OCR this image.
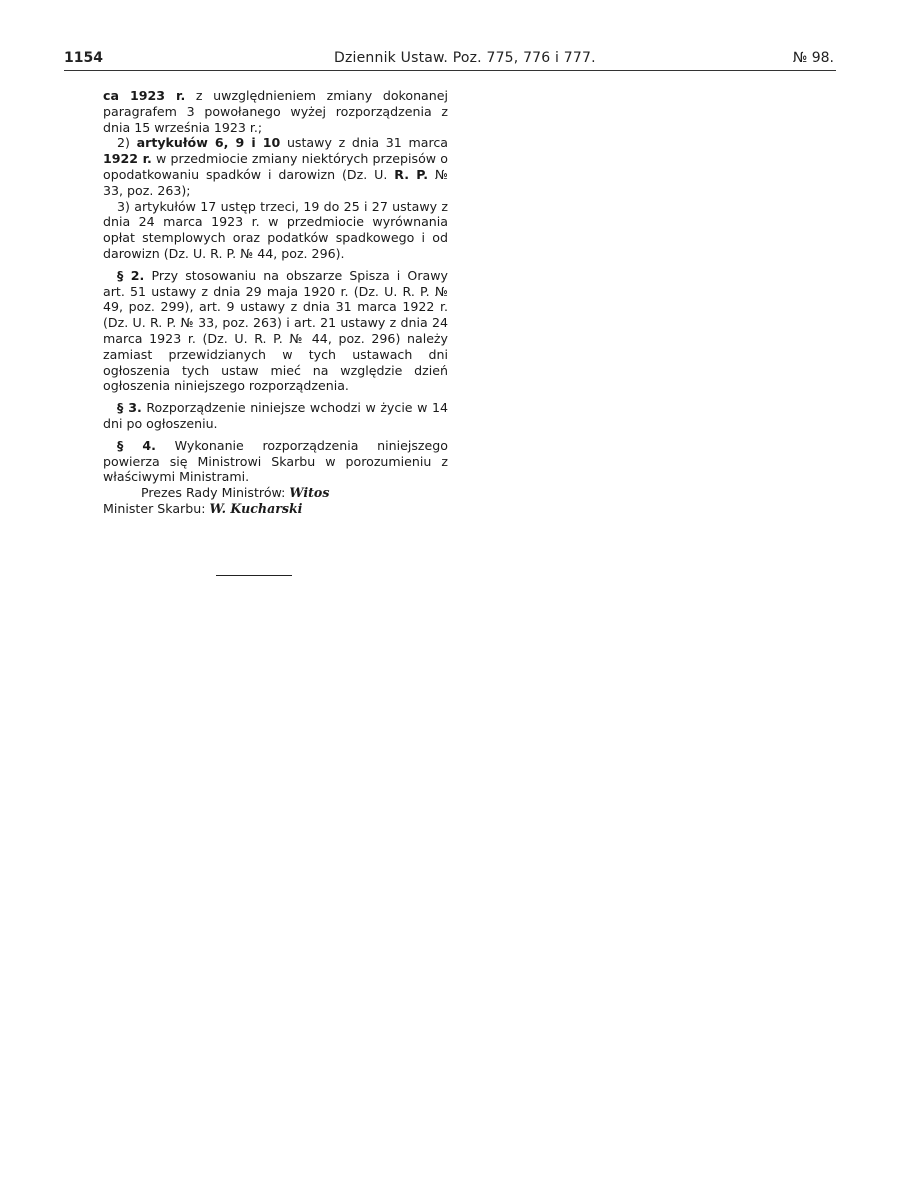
1154	Dziennik Ustaw. Poz. 775, 776 i 777.	№ 98.

ca 1923 r. z uwzględnieniem zmiany dokonanej paragrafem 3 powołanego wyżej rozporządzenia z dnia 15 września 1923 r.;

2) artykułów 6, 9 i 10 ustawy z dnia 31 marca 1922 r. w przedmiocie zmiany niektórych przepisów o opodatkowaniu spadków i darowizn (Dz. U. R. P. № 33, poz. 263);

3) artykułów 17 ustęp trzeci, 19 do 25 i 27 ustawy z dnia 24 marca 1923 r. w przedmiocie wyrównania opłat stemplowych oraz podatków spadkowego i od darowizn (Dz. U. R. P. № 44, poz. 296).

§ 2. Przy stosowaniu na obszarze Spisza i Orawy art. 51 ustawy z dnia 29 maja 1920 r. (Dz. U. R. P. № 49, poz. 299), art. 9 ustawy z dnia 31 marca 1922 r. (Dz. U. R. P. № 33, poz. 263) i art. 21 ustawy z dnia 24 marca 1923 r. (Dz. U. R. P. № 44, poz. 296) należy zamiast przewidzianych w tych ustawach dni ogłoszenia tych ustaw mieć na względzie dzień ogłoszenia niniejszego rozporządzenia.

§ 3. Rozporządzenie niniejsze wchodzi w życie w 14 dni po ogłoszeniu.

§ 4. Wykonanie rozporządzenia niniejszego powierza się Ministrowi Skarbu w porozumieniu z właściwymi Ministrami.

Prezes Rady Ministrów: Witos

Minister Skarbu: W. Kucharski
